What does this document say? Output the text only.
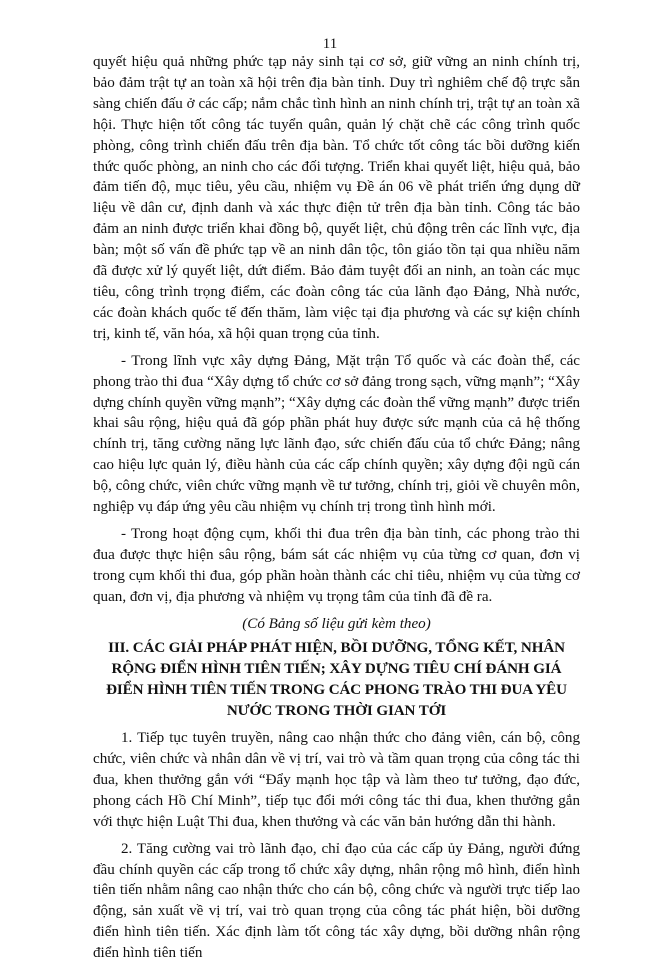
11

quyết hiệu quả những phức tạp nảy sinh tại cơ sở, giữ vững an ninh chính trị, bảo đảm trật tự an toàn xã hội trên địa bàn tỉnh. Duy trì nghiêm chế độ trực sẵn sàng chiến đấu ở các cấp; nắm chắc tình hình an ninh chính trị, trật tự an toàn xã hội. Thực hiện tốt công tác tuyển quân, quản lý chặt chẽ các công trình quốc phòng, công trình chiến đấu trên địa bàn. Tổ chức tốt công tác bồi dưỡng kiến thức quốc phòng, an ninh cho các đối tượng. Triển khai quyết liệt, hiệu quả, bảo đảm tiến độ, mục tiêu, yêu cầu, nhiệm vụ Đề án 06 về phát triển ứng dụng dữ liệu về dân cư, định danh và xác thực điện tử trên địa bàn tỉnh. Công tác bảo đảm an ninh được triển khai đồng bộ, quyết liệt, chủ động trên các lĩnh vực, địa bàn; một số vấn đề phức tạp về an ninh dân tộc, tôn giáo tồn tại qua nhiều năm đã được xử lý quyết liệt, dứt điểm. Bảo đảm tuyệt đối an ninh, an toàn các mục tiêu, công trình trọng điểm, các đoàn công tác của lãnh đạo Đảng, Nhà nước, các đoàn khách quốc tế đến thăm, làm việc tại địa phương và các sự kiện chính trị, kinh tế, văn hóa, xã hội quan trọng của tỉnh.

- Trong lĩnh vực xây dựng Đảng, Mặt trận Tổ quốc và các đoàn thể, các phong trào thi đua “Xây dựng tổ chức cơ sở đảng trong sạch, vững mạnh”; “Xây dựng chính quyền vững mạnh”; “Xây dựng các đoàn thể vững mạnh” được triển khai sâu rộng, hiệu quả đã góp phần phát huy được sức mạnh của cả hệ thống chính trị, tăng cường năng lực lãnh đạo, sức chiến đấu của tổ chức Đảng; nâng cao hiệu lực quản lý, điều hành của các cấp chính quyền; xây dựng đội ngũ cán bộ, công chức, viên chức vững mạnh về tư tưởng, chính trị, giỏi về chuyên môn, nghiệp vụ đáp ứng yêu cầu nhiệm vụ chính trị trong tình hình mới.

- Trong hoạt động cụm, khối thi đua trên địa bàn tỉnh, các phong trào thi đua được thực hiện sâu rộng, bám sát các nhiệm vụ của từng cơ quan, đơn vị trong cụm khối thi đua, góp phần hoàn thành các chỉ tiêu, nhiệm vụ của từng cơ quan, đơn vị, địa phương và nhiệm vụ trọng tâm của tỉnh đã đề ra.

(Có Bảng số liệu gửi kèm theo)

III. CÁC GIẢI PHÁP PHÁT HIỆN, BỒI DƯỠNG, TỔNG KẾT, NHÂN RỘNG ĐIỂN HÌNH TIÊN TIẾN; XÂY DỰNG TIÊU CHÍ ĐÁNH GIÁ ĐIỂN HÌNH TIÊN TIẾN TRONG CÁC PHONG TRÀO THI ĐUA YÊU NƯỚC TRONG THỜI GIAN TỚI

1. Tiếp tục tuyên truyền, nâng cao nhận thức cho đảng viên, cán bộ, công chức, viên chức và nhân dân về vị trí, vai trò và tầm quan trọng của công tác thi đua, khen thưởng gắn với “Đẩy mạnh học tập và làm theo tư tưởng, đạo đức, phong cách Hồ Chí Minh”, tiếp tục đổi mới công tác thi đua, khen thưởng gắn với thực hiện Luật Thi đua, khen thưởng và các văn bản hướng dẫn thi hành.

2. Tăng cường vai trò lãnh đạo, chỉ đạo của các cấp ủy Đảng, người đứng đầu chính quyền các cấp trong tổ chức xây dựng, nhân rộng mô hình, điển hình tiên tiến nhằm nâng cao nhận thức cho cán bộ, công chức và người trực tiếp lao động, sản xuất về vị trí, vai trò quan trọng của công tác phát hiện, bồi dưỡng điển hình tiên tiến. Xác định làm tốt công tác xây dựng, bồi dưỡng nhân rộng điển hình tiên tiến
